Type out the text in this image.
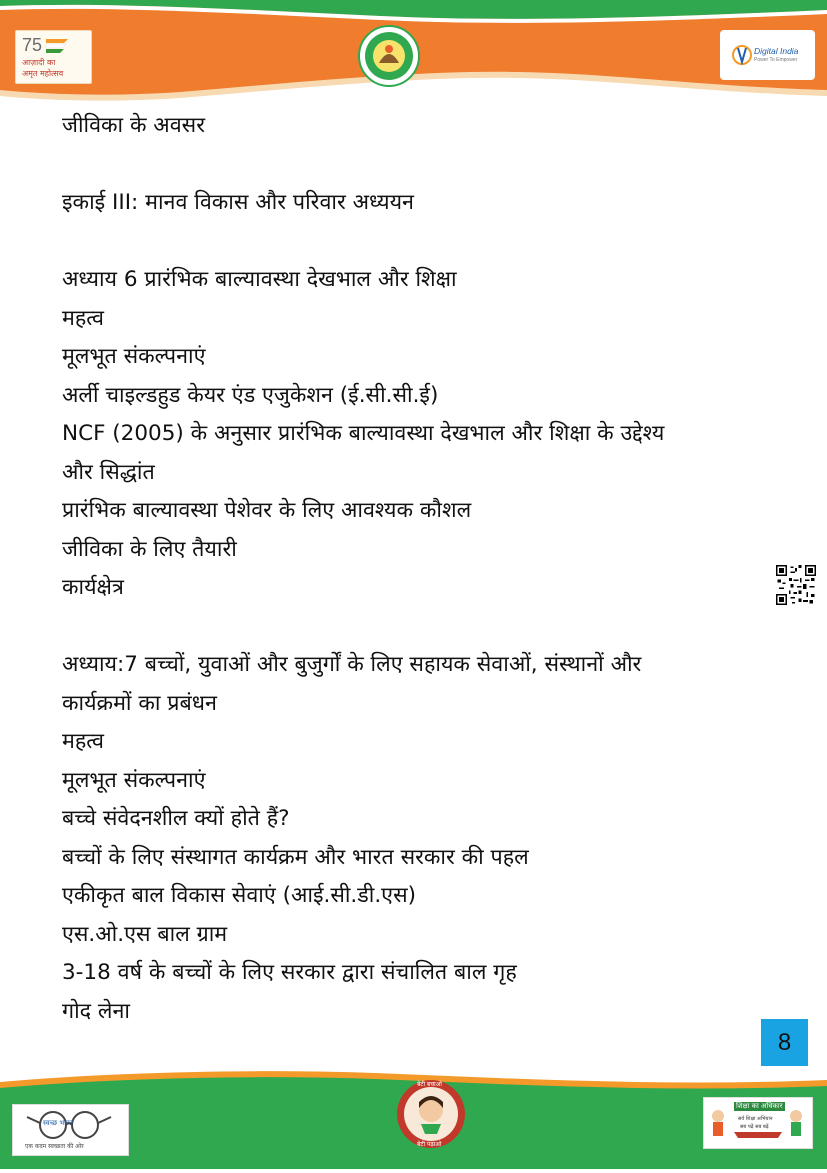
7 5
आज़ादी का
अमृत महोत्सव
Digital India
Power To Empower
जीविका के अवसर
इकाई III: मानव विकास और परिवार अध्ययन
अध्याय 6 प्रारंभिक बाल्यावस्था देखभाल और शिक्षा
महत्व
मूलभूत संकल्पनाएं
अर्ली चाइल्डहुड केयर एंड एजुकेशन (ई.सी.सी.ई)
NCF (2005) के अनुसार प्रारंभिक बाल्यावस्था देखभाल और शिक्षा के उद्देश्य
और सिद्धांत
प्रारंभिक बाल्यावस्था पेशेवर के लिए आवश्यक कौशल
जीविका के लिए तैयारी
कार्यक्षेत्र
अध्याय:7 बच्चों, युवाओं और बुजुर्गों के लिए सहायक सेवाओं, संस्थानों और
कार्यक्रमों का प्रबंधन
महत्व
मूलभूत संकल्पनाएं
बच्चे संवेदनशील क्यों होते हैं?
बच्चों के लिए संस्थागत कार्यक्रम और भारत सरकार की पहल
एकीकृत बाल विकास सेवाएं (आई.सी.डी.एस)
एस.ओ.एस बाल ग्राम
3-18 वर्ष के बच्चों के लिए सरकार द्वारा संचालित बाल गृह
गोद लेना
8
स्वच्छ भारत
एक कदम स्वच्छता की ओर
बेटी बचाओ
बेटी पढ़ाओ
शिक्षा का अधिकार
सर्व शिक्षा अभियान
सब पढ़ें सब बढ़ें
